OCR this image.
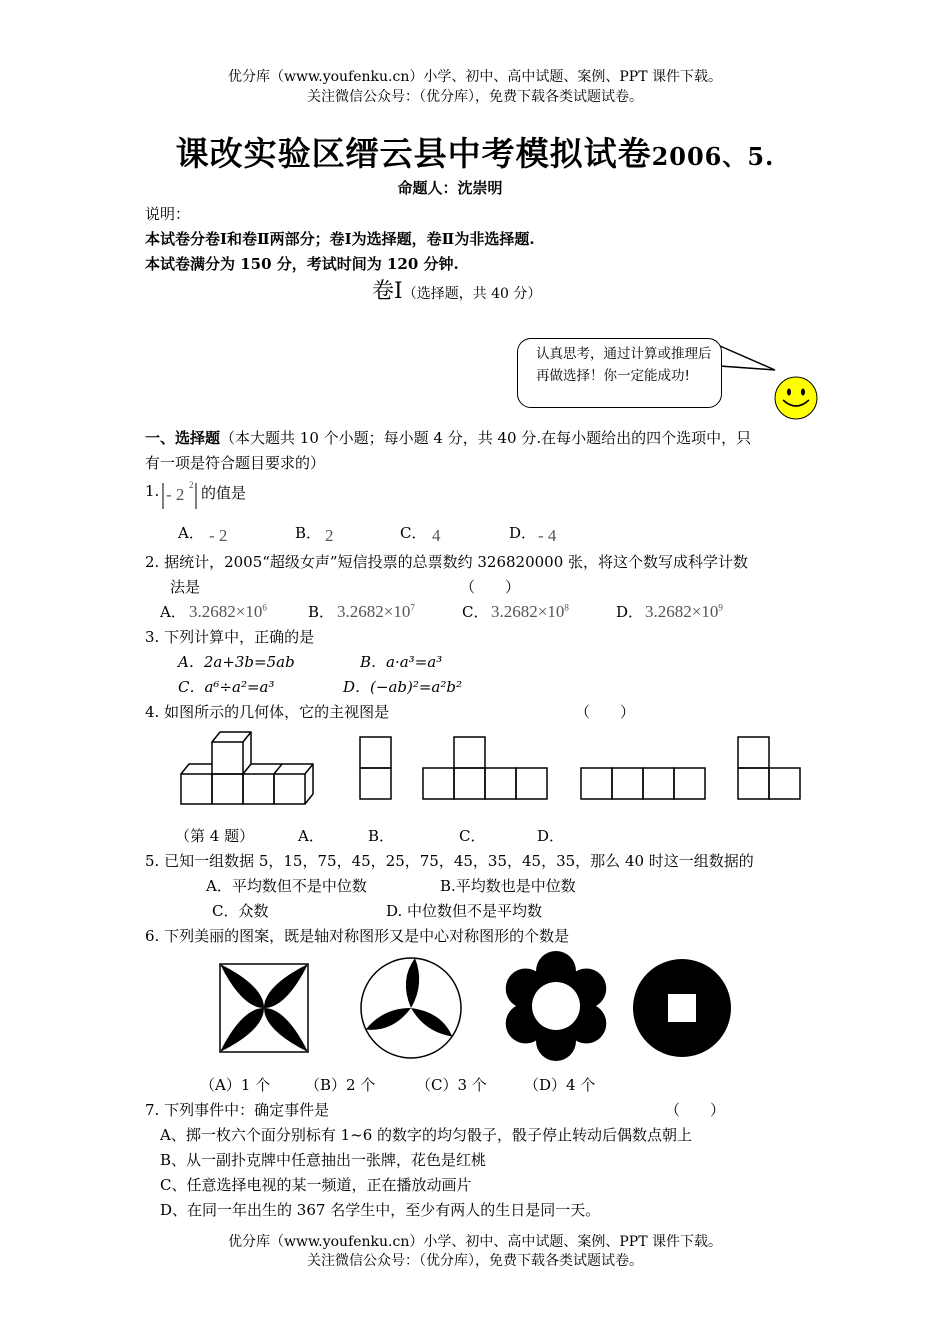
优分库（www.youfenku.cn）小学、初中、高中试题、案例、PPT 课件下载。
关注微信公众号：（优分库），免费下载各类试题试卷。
课改实验区缙云县中考模拟试卷2006、5.
命题人：沈崇明
说明：
本试卷分卷Ⅰ和卷Ⅱ两部分；卷Ⅰ为选择题，卷Ⅱ为非选择题.
本试卷满分为 150 分，考试时间为 120 分钟.
卷Ⅰ（选择题，共 40 分）
认真思考，通过计算或推理后再做选择！你一定能成功!
一、选择题（本大题共 10 个小题；每小题 4 分，共 40 分.在每小题给出的四个选项中，只
有一项是符合题目要求的）
1. - 2 2 的值是
A． - 2	B． 2	C． 4	D． - 4
2. 据统计，2005“超级女声”短信投票的总票数约 326820000 张，将这个数写成科学计数
法是	（　　）
A． $3.2682\times 10^6$	B． $3.2682\times 10^7$	C． $3.2682\times 10^8$	D． $3.2682\times 10^9$
3. 下列计算中，正确的是
A．2a+3b=5ab	B．a·a³=a³
C．a⁶÷a²=a³	D．(−ab)²=a²b²
4. 如图所示的几何体，它的主视图是	（　　）
（第 4 题）	A．	B．	C．	D．
5. 已知一组数据 5，15，75，45，25，75，45，35，45，35，那么 40 时这一组数据的
A．平均数但不是中位数	B.平均数也是中位数
C．众数	D. 中位数但不是平均数
6. 下列美丽的图案，既是轴对称图形又是中心对称图形的个数是
（A）1 个 （B）2 个	（C）3 个 （D）4 个
7. 下列事件中：确定事件是	（　　）
A、掷一枚六个面分别标有 1~6 的数字的均匀骰子，骰子停止转动后偶数点朝上
B、从一副扑克牌中任意抽出一张牌，花色是红桃
C、任意选择电视的某一频道，正在播放动画片
D、在同一年出生的 367 名学生中，至少有两人的生日是同一天。
优分库（www.youfenku.cn）小学、初中、高中试题、案例、PPT 课件下载。
关注微信公众号：（优分库），免费下载各类试题试卷。
